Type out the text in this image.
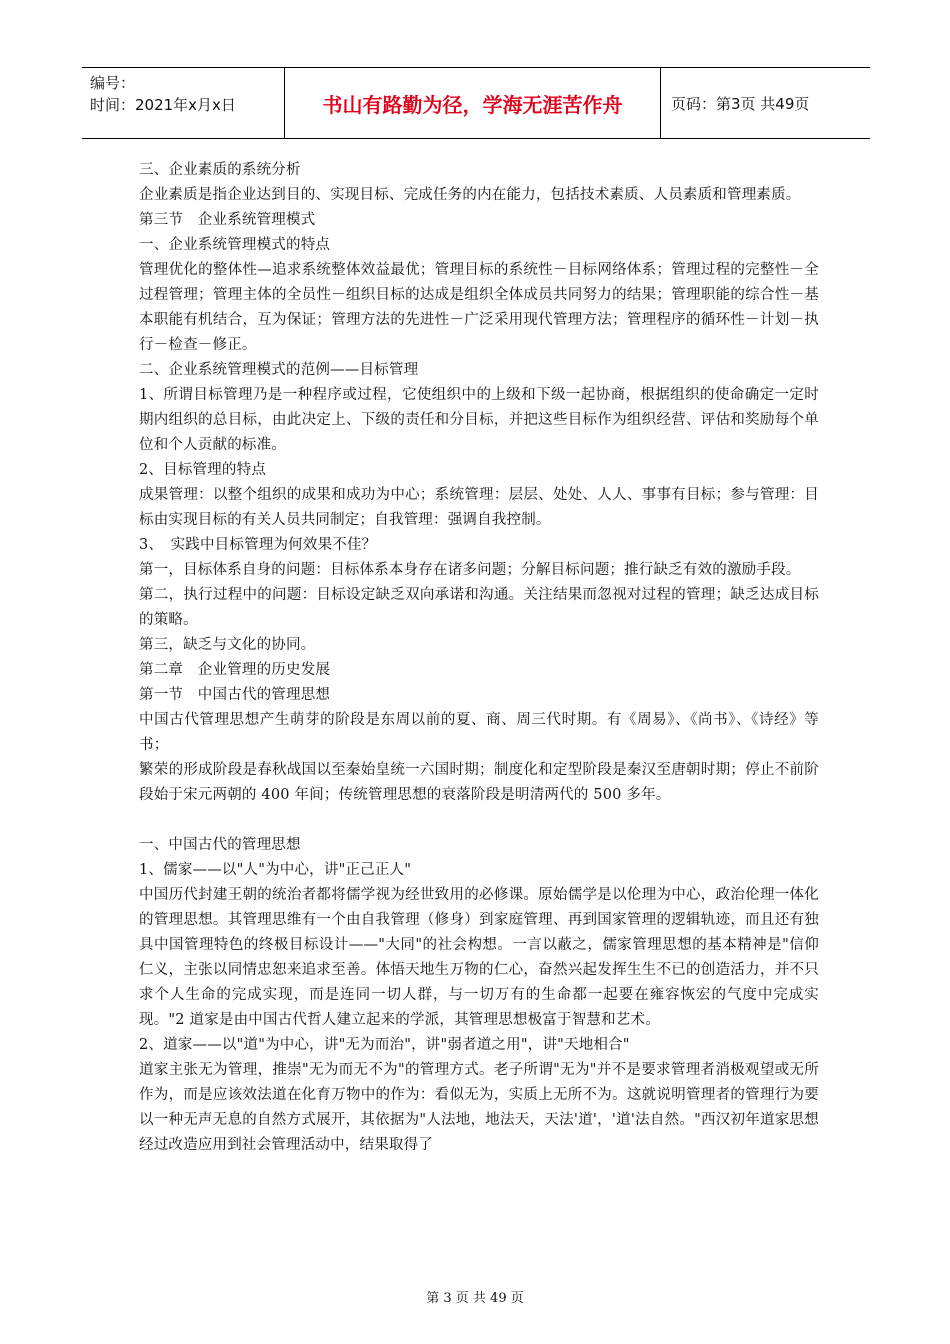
编号：
时间：2021年x月x日	书山有路勤为径，学海无涯苦作舟	页码：第3页 共49页

三、企业素质的系统分析

企业素质是指企业达到目的、实现目标、完成任务的内在能力，包括技术素质、人员素质和管理素质。

第三节　企业系统管理模式

一、企业系统管理模式的特点

管理优化的整体性—追求系统整体效益最优；管理目标的系统性－目标网络体系；管理过程的完整性－全过程管理；管理主体的全员性－组织目标的达成是组织全体成员共同努力的结果；管理职能的综合性－基本职能有机结合，互为保证；管理方法的先进性－广泛采用现代管理方法；管理程序的循环性－计划－执行－检查－修正。

二、企业系统管理模式的范例——目标管理

1、所谓目标管理乃是一种程序或过程，它使组织中的上级和下级一起协商，根据组织的使命确定一定时期内组织的总目标，由此决定上、下级的责任和分目标，并把这些目标作为组织经营、评估和奖励每个单位和个人贡献的标准。

2、目标管理的特点

成果管理：以整个组织的成果和成功为中心；系统管理：层层、处处、人人、事事有目标；参与管理：目标由实现目标的有关人员共同制定；自我管理：强调自我控制。

3、　实践中目标管理为何效果不佳？

第一，目标体系自身的问题：目标体系本身存在诸多问题；分解目标问题；推行缺乏有效的激励手段。

第二，执行过程中的问题：目标设定缺乏双向承诺和沟通。关注结果而忽视对过程的管理；缺乏达成目标的策略。

第三，缺乏与文化的协同。

第二章　企业管理的历史发展

第一节　中国古代的管理思想

中国古代管理思想产生萌芽的阶段是东周以前的夏、商、周三代时期。有《周易》、《尚书》、《诗经》等书；

繁荣的形成阶段是春秋战国以至秦始皇统一六国时期；制度化和定型阶段是秦汉至唐朝时期；停止不前阶段始于宋元两朝的 400 年间；传统管理思想的衰落阶段是明清两代的 500 多年。

一、中国古代的管理思想

1、儒家——以"人"为中心，讲"正己正人"

中国历代封建王朝的统治者都将儒学视为经世致用的必修课。原始儒学是以伦理为中心，政治伦理一体化的管理思想。其管理思维有一个由自我管理（修身）到家庭管理、再到国家管理的逻辑轨迹，而且还有独具中国管理特色的终极目标设计——"大同"的社会构想。一言以蔽之，儒家管理思想的基本精神是"信仰仁义，主张以同情忠恕来追求至善。体悟天地生万物的仁心，奋然兴起发挥生生不已的创造活力，并不只求个人生命的完成实现，而是连同一切人群，与一切万有的生命都一起要在雍容恢宏的气度中完成实现。"2 道家是由中国古代哲人建立起来的学派，其管理思想极富于智慧和艺术。

2、道家——以"道"为中心，讲"无为而治"，讲"弱者道之用"，讲"天地相合"

道家主张无为管理，推崇"无为而无不为"的管理方式。老子所谓"无为"并不是要求管理者消极观望或无所作为，而是应该效法道在化育万物中的作为：看似无为，实质上无所不为。这就说明管理者的管理行为要以一种无声无息的自然方式展开，其依据为"人法地，地法天，天法'道'，'道'法自然。"西汉初年道家思想经过改造应用到社会管理活动中，结果取得了

第 3 页 共 49 页
